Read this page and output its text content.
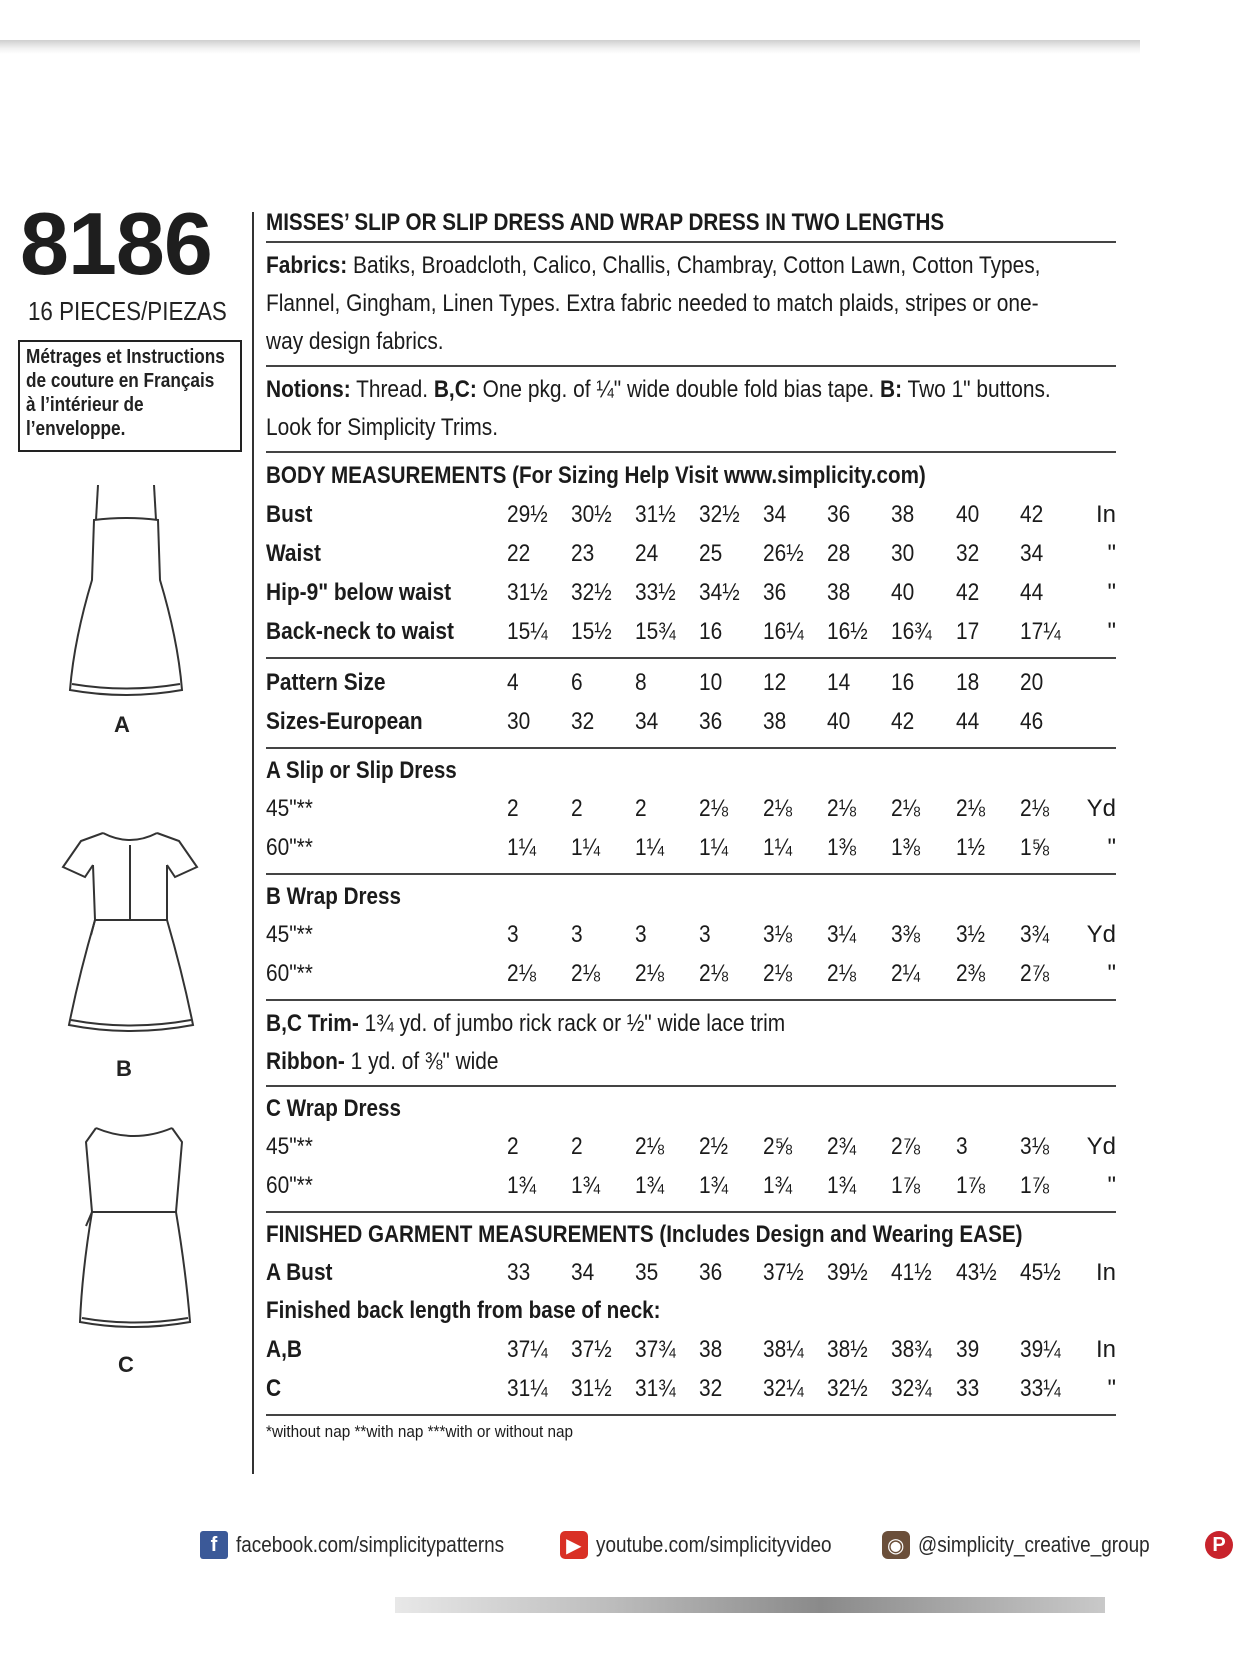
8186
16 PIECES/PIEZAS
Métrages et Instructions
de couture en Français
à l’intérieur de
l’enveloppe.
A
B
C
MISSES’ SLIP OR SLIP DRESS AND WRAP DRESS IN TWO LENGTHS
Fabrics: Batiks, Broadcloth, Calico, Challis, Chambray, Cotton Lawn, Cotton Types,
Flannel, Gingham, Linen Types. Extra fabric needed to match plaids, stripes or one-
way design fabrics.
Notions: Thread. B,C: One pkg. of ¼" wide double fold bias tape. B: Two 1" buttons.
Look for Simplicity Trims.
BODY MEASUREMENTS (For Sizing Help Visit www.simplicity.com)
Bust	29½	30½	31½	32½	34	36	38	40	42	In
Waist	22	23	24	25	26½	28	30	32	34	"
Hip-9" below waist	31½	32½	33½	34½	36	38	40	42	44	"
Back-neck to waist	15¼	15½	15¾	16	16¼	16½	16¾	17	17¼	"
Pattern Size	4	6	8	10	12	14	16	18	20	
Sizes-European	30	32	34	36	38	40	42	44	46	
A Slip or Slip Dress
45"**	2	2	2	2⅛	2⅛	2⅛	2⅛	2⅛	2⅛	Yd
60"**	1¼	1¼	1¼	1¼	1¼	1⅜	1⅜	1½	1⅝	"
B Wrap Dress
45"**	3	3	3	3	3⅛	3¼	3⅜	3½	3¾	Yd
60"**	2⅛	2⅛	2⅛	2⅛	2⅛	2⅛	2¼	2⅜	2⅞	"
B,C Trim- 1¾ yd. of jumbo rick rack or ½" wide lace trim
Ribbon- 1 yd. of ⅜" wide
C Wrap Dress
45"**	2	2	2⅛	2½	2⅝	2¾	2⅞	3	3⅛	Yd
60"**	1¾	1¾	1¾	1¾	1¾	1¾	1⅞	1⅞	1⅞	"
FINISHED GARMENT MEASUREMENTS (Includes Design and Wearing EASE)
A Bust	33	34	35	36	37½	39½	41½	43½	45½	In
Finished back length from base of neck:
A,B	37¼	37½	37¾	38	38¼	38½	38¾	39	39¼	In
C	31¼	31½	31¾	32	32¼	32½	32¾	33	33¼	"
*without nap **with nap ***with or without nap
f facebook.com/simplicitypatterns	▶ youtube.com/simplicityvideo	◉ @simplicity_creative_group	P
